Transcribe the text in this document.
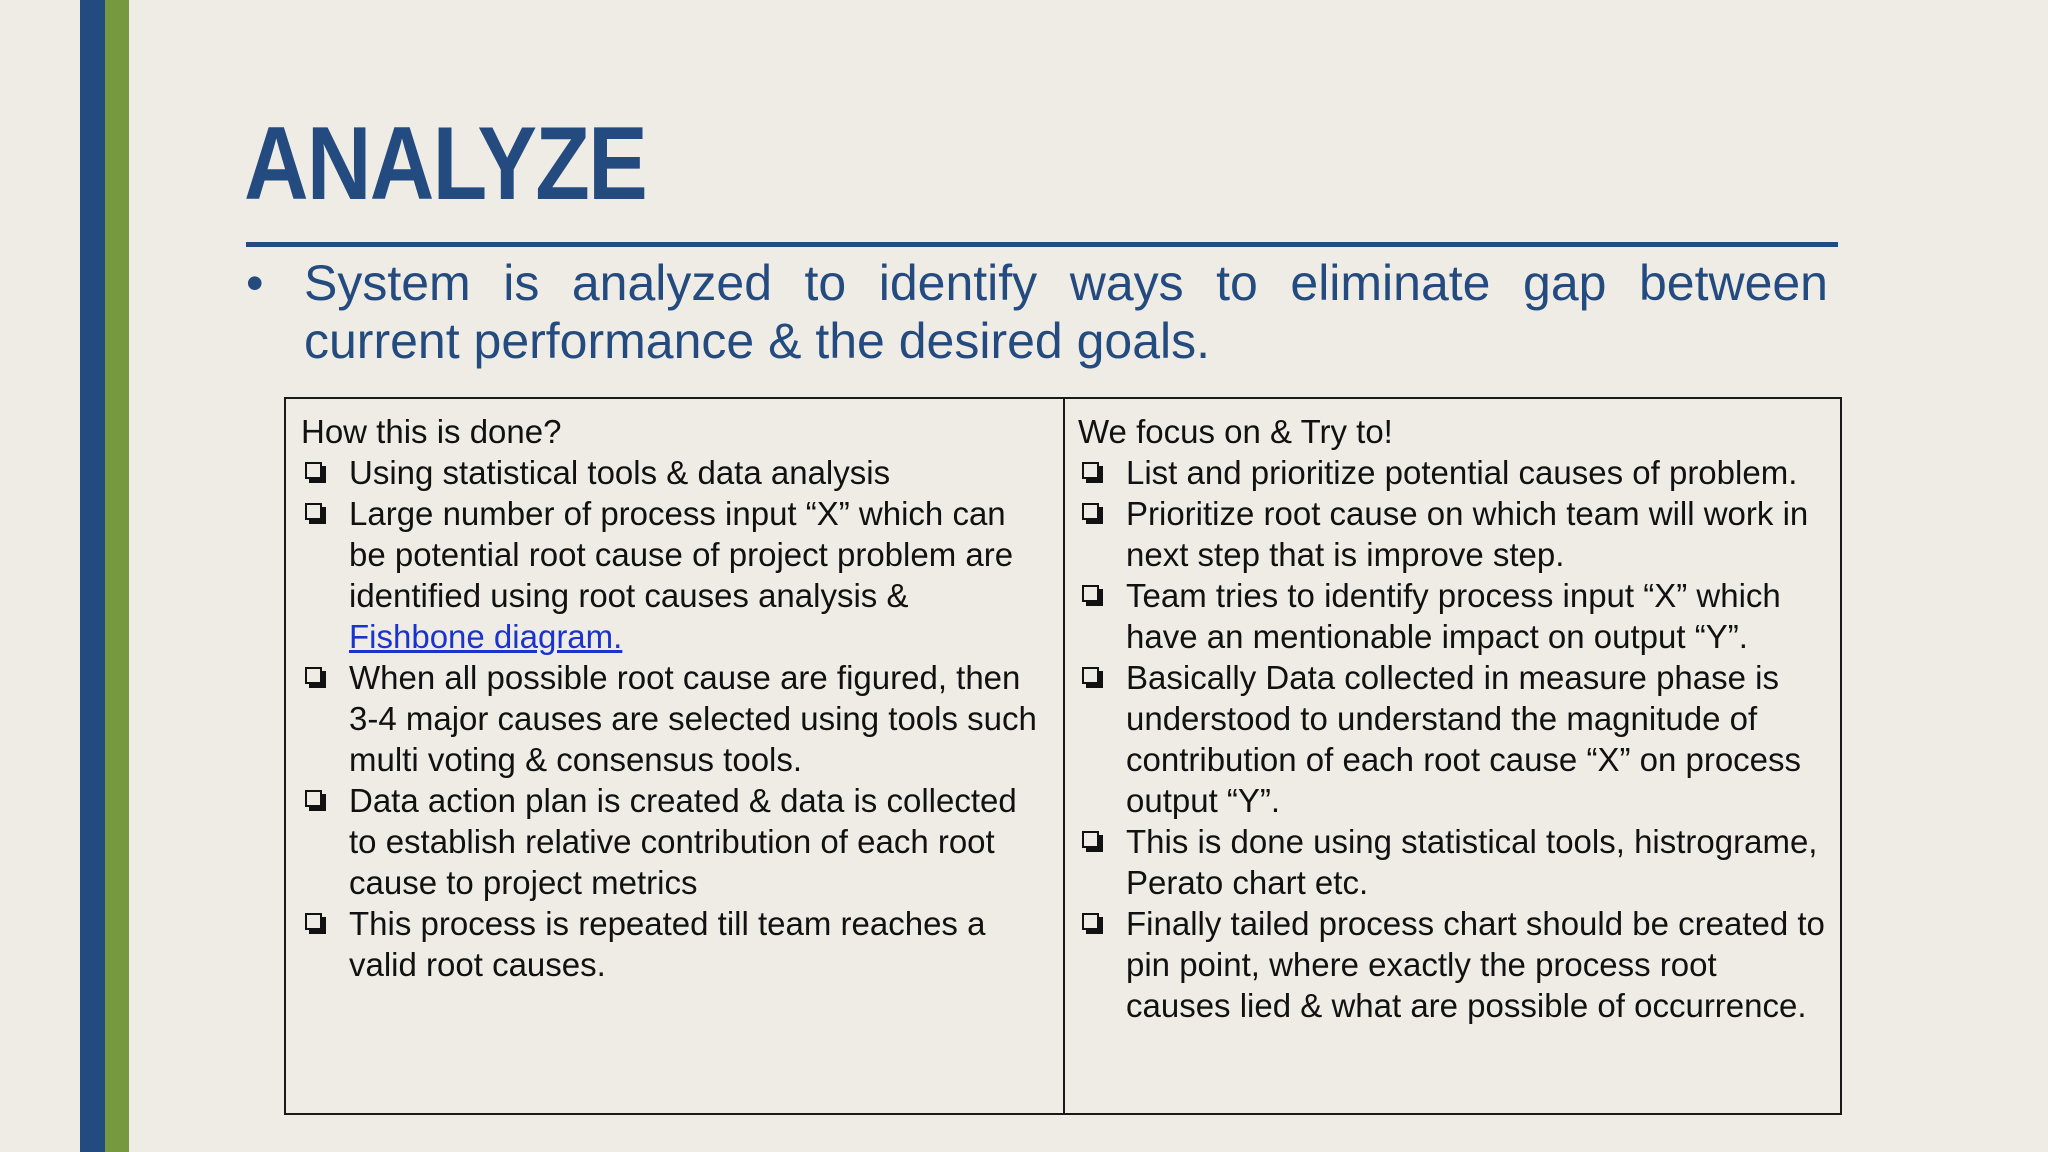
ANALYZE
• System is analyzed to identify ways to eliminate gap between
current performance & the desired goals.

How this is done?

Using statistical tools & data analysis
Large number of process input “X” which can be potential root cause of project problem are identified using root causes analysis & Fishbone diagram.
When all possible root cause are figured, then 3-4 major causes are selected using tools such multi voting & consensus tools.
Data action plan is created & data is collected to establish relative contribution of each root cause to project metrics
This process is repeated till team reaches a valid root causes.

We focus on & Try to!

List and prioritize potential causes of problem.
Prioritize root cause on which team will work in next step that is improve step.
Team tries to identify process input “X” which have an mentionable impact on output “Y”.
Basically Data collected in measure phase is understood to understand the magnitude of contribution of each root cause “X” on process output “Y”.
This is done using statistical tools, histrograme, Perato chart etc.
Finally tailed process chart should be created to pin point, where exactly the process root causes lied & what are possible of occurrence.
